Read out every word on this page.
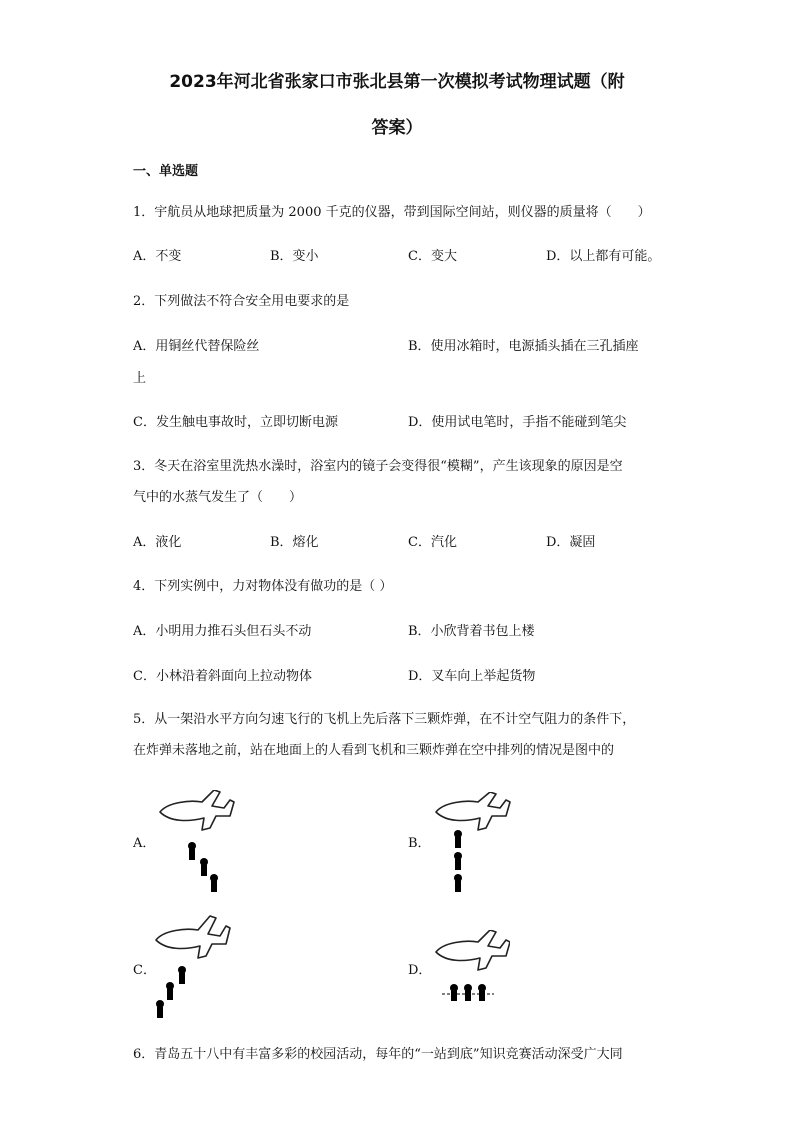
2023年河北省张家口市张北县第一次模拟考试物理试题（附
答案）
一、单选题
1．宇航员从地球把质量为 2000 千克的仪器，带到国际空间站，则仪器的质量将（　　）
A．不变	B．变小	C．变大	D．以上都有可能。
2．下列做法不符合安全用电要求的是
A．用铜丝代替保险丝	B．使用冰箱时，电源插头插在三孔插座
上
C．发生触电事故时，立即切断电源	D．使用试电笔时，手指不能碰到笔尖
3．冬天在浴室里洗热水澡时，浴室内的镜子会变得很“模糊”，产生该现象的原因是空
气中的水蒸气发生了（　　）
A．液化	B．熔化	C．汽化	D．凝固
4．下列实例中，力对物体没有做功的是（ ）
A．小明用力推石头但石头不动	B．小欣背着书包上楼
C．小林沿着斜面向上拉动物体	D．叉车向上举起货物
5．从一架沿水平方向匀速飞行的飞机上先后落下三颗炸弹，在不计空气阻力的条件下，
在炸弹未落地之前，站在地面上的人看到飞机和三颗炸弹在空中排列的情况是图中的
A．	B．
C．	D．
6．青岛五十八中有丰富多彩的校园活动，每年的“一站到底”知识竞赛活动深受广大同
